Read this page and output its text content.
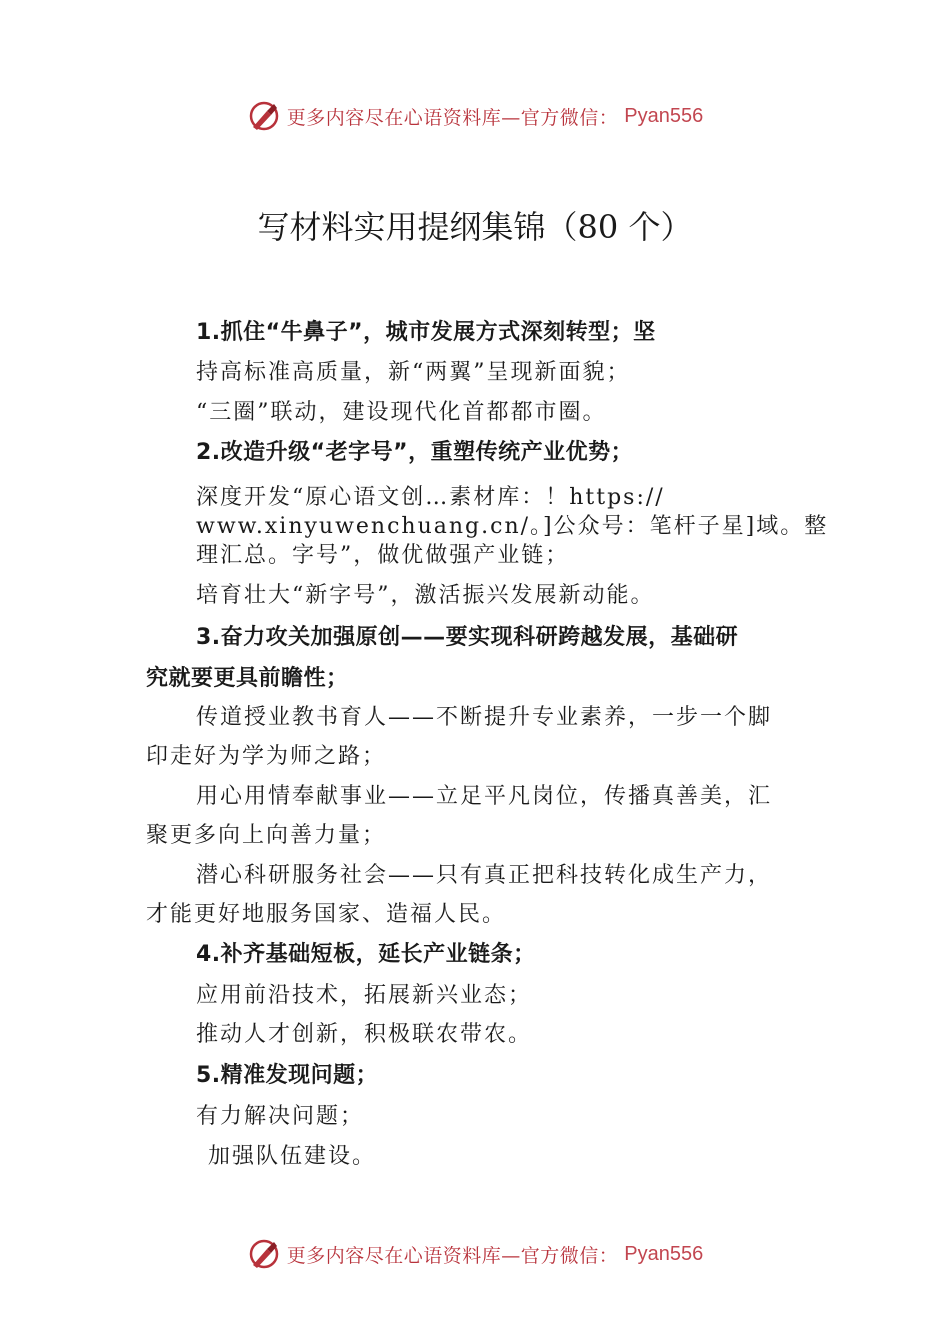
更多内容尽在心语资料库—官方微信： Pyan556
写材料实用提纲集锦（80 个）

1.抓住“牛鼻子”，城市发展方式深刻转型；坚

持高标准高质量，新“两翼”呈现新面貌；

“三圈”联动，建设现代化首都都市圈。

2.改造升级“老字号”，重塑传统产业优势；

深度开发“原心语文创…素材库：！https://

www.xinyuwenchuang.cn/。]公众号：笔杆子星]域。整

理汇总。字号”，做优做强产业链；

培育壮大“新字号”，激活振兴发展新动能。

3.奋力攻关加强原创——要实现科研跨越发展，基础研

究就要更具前瞻性；

传道授业教书育人——不断提升专业素养，一步一个脚

印走好为学为师之路；

用心用情奉献事业——立足平凡岗位，传播真善美，汇

聚更多向上向善力量；

潜心科研服务社会——只有真正把科技转化成生产力，

才能更好地服务国家、造福人民。

4.补齐基础短板，延长产业链条；

应用前沿技术，拓展新兴业态；

推动人才创新，积极联农带农。

5.精准发现问题；

有力解决问题；

加强队伍建设。

更多内容尽在心语资料库—官方微信： Pyan556
